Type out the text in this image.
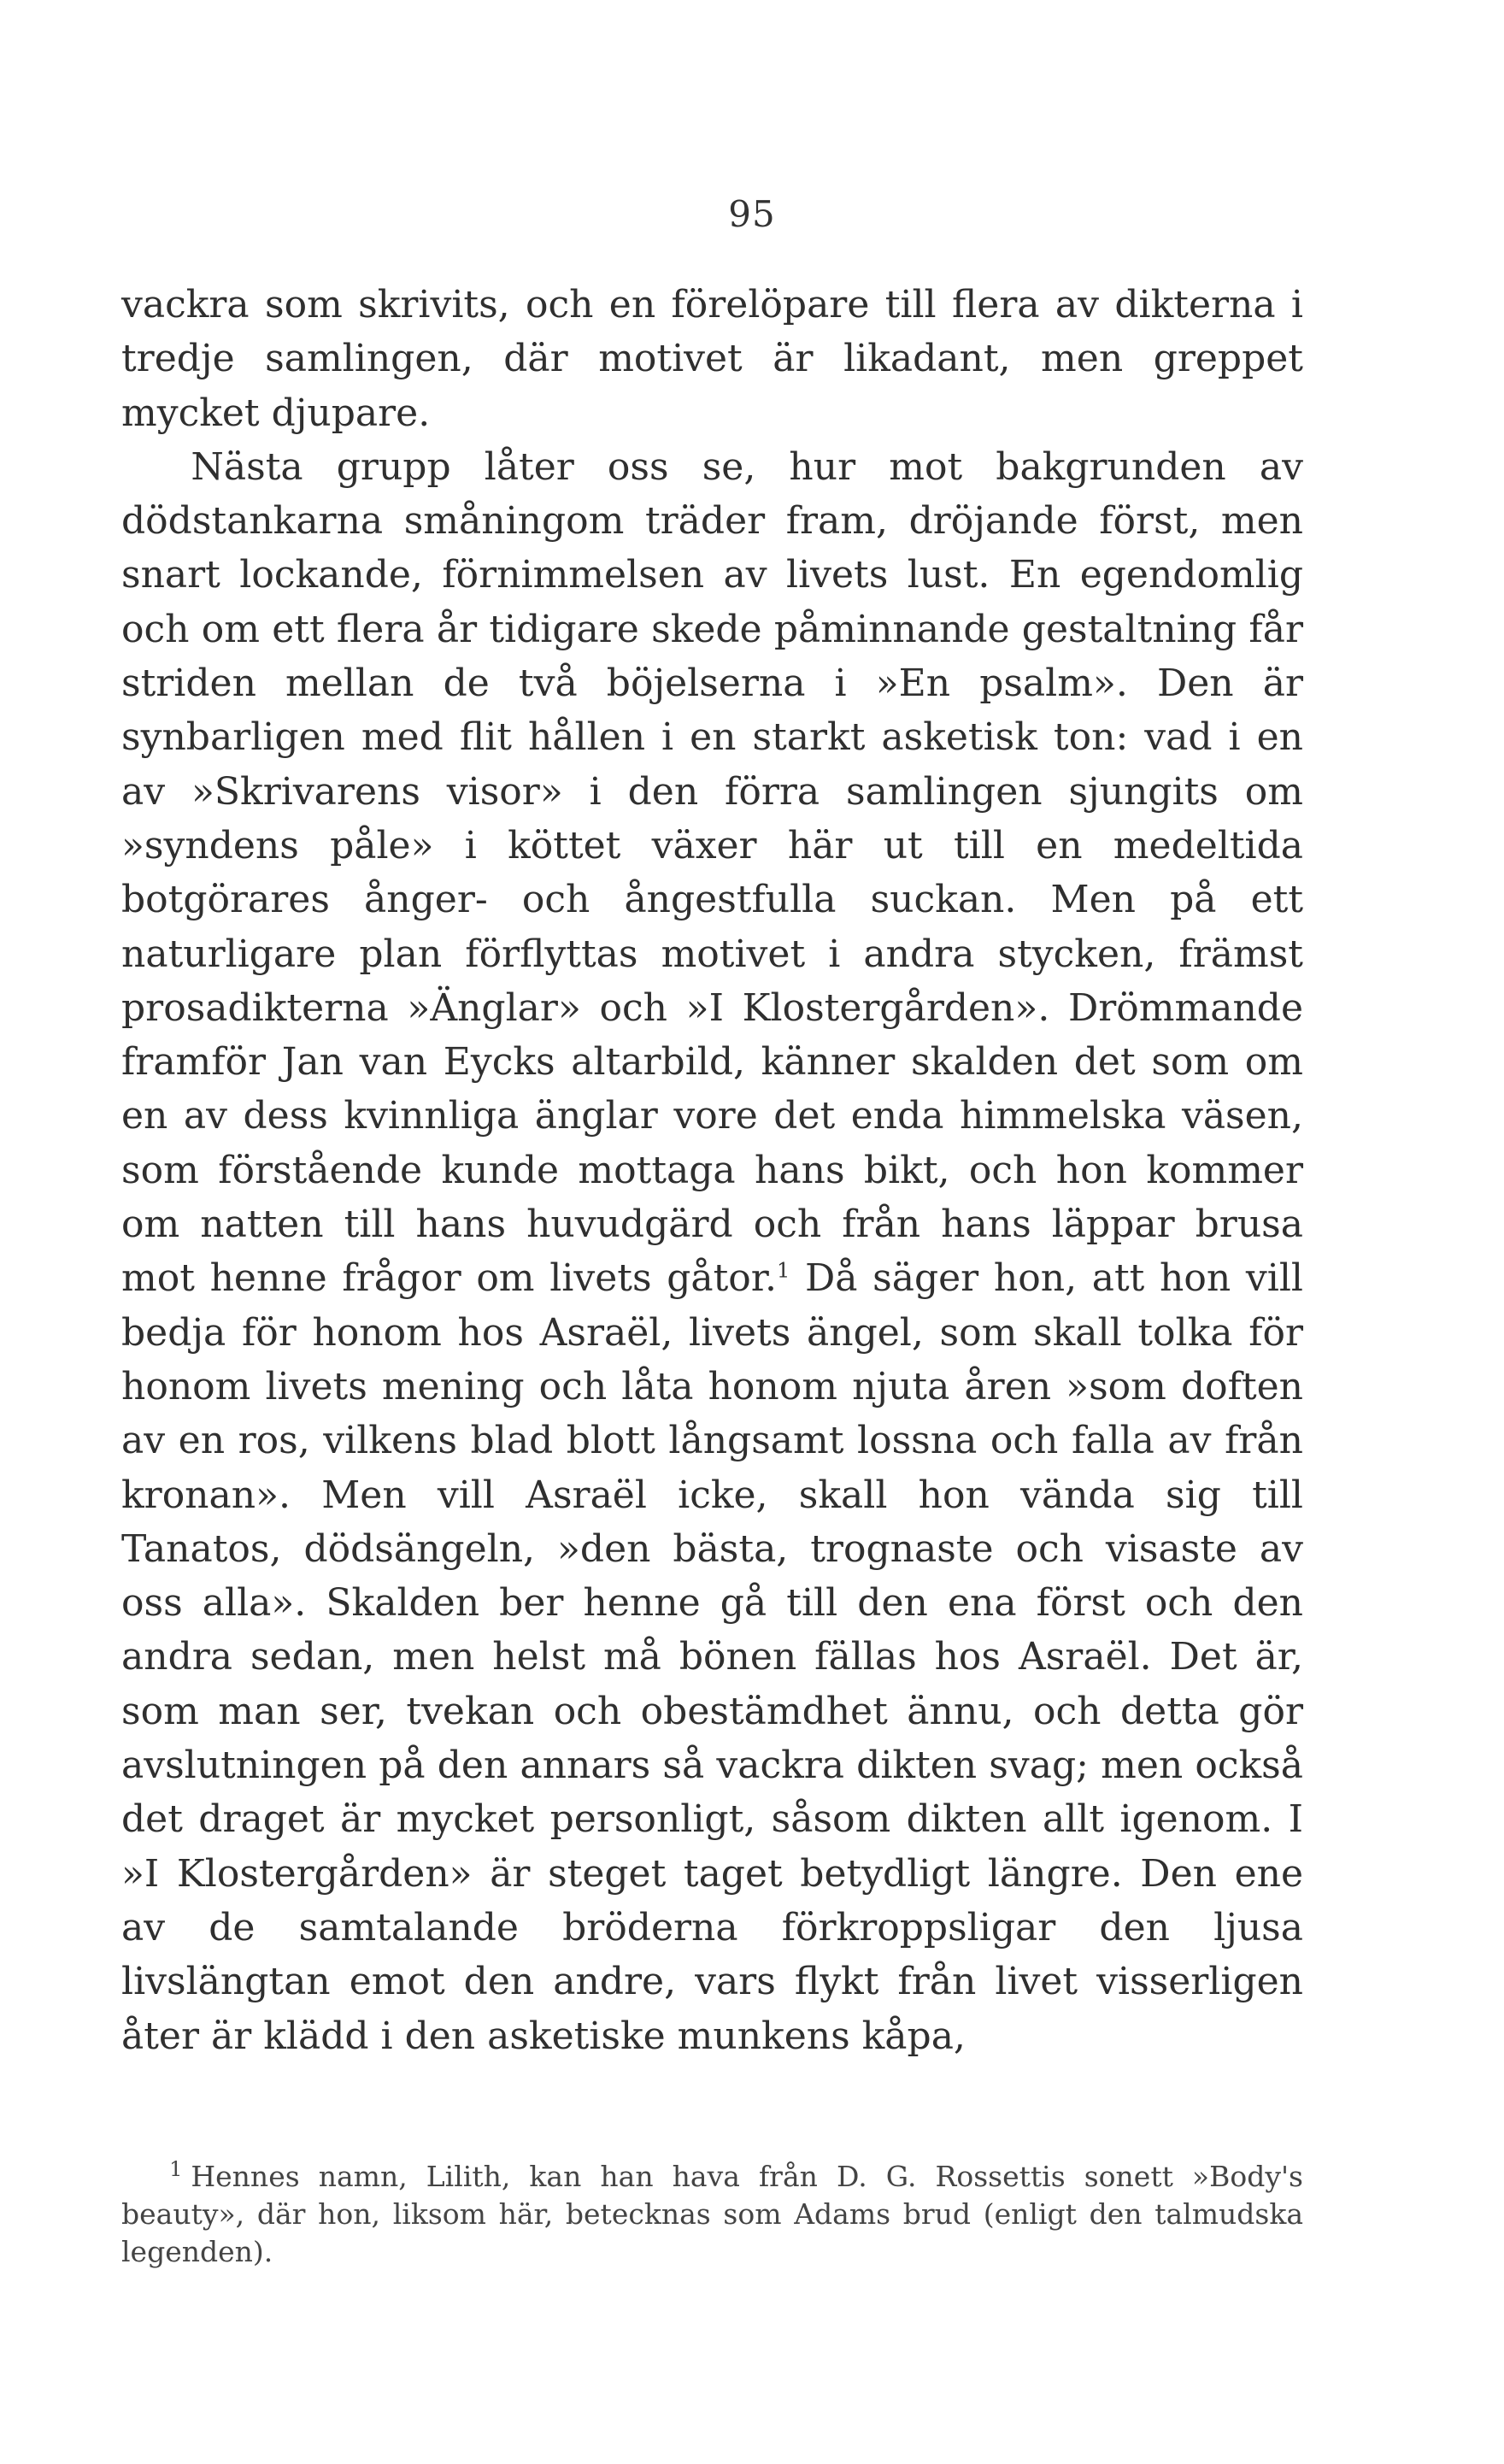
95

vackra som skrivits, och en förelöpare till flera av dikterna i tredje samlingen, där motivet är likadant, men greppet mycket djupare.

Nästa grupp låter oss se, hur mot bakgrunden av dödstankarna småningom träder fram, dröjande först, men snart lockande, förnimmelsen av livets lust. En egendomlig och om ett flera år tidigare skede påminnande gestaltning får striden mellan de två böjelserna i »En psalm». Den är synbarligen med flit hållen i en starkt asketisk ton: vad i en av »Skrivarens visor» i den förra samlingen sjungits om »syndens påle» i köttet växer här ut till en medeltida botgörares ånger- och ångestfulla suckan. Men på ett naturligare plan förflyttas motivet i andra stycken, främst prosadikterna »Änglar» och »I Klostergården». Drömmande framför Jan van Eycks altarbild, känner skalden det som om en av dess kvinnliga änglar vore det enda himmelska väsen, som förstående kunde mottaga hans bikt, och hon kommer om natten till hans huvudgärd och från hans läppar brusa mot henne frågor om livets gåtor.$^1$ Då säger hon, att hon vill bedja för honom hos Asraël, livets ängel, som skall tolka för honom livets mening och låta honom njuta åren »som doften av en ros, vilkens blad blott långsamt lossna och falla av från kronan». Men vill Asraël icke, skall hon vända sig till Tanatos, dödsängeln, »den bästa, trognaste och visaste av oss alla». Skalden ber henne gå till den ena först och den andra sedan, men helst må bönen fällas hos Asraël. Det är, som man ser, tvekan och obestämdhet ännu, och detta gör avslutningen på den annars så vackra dikten svag; men också det draget är mycket personligt, såsom dikten allt igenom. I »I Klostergården» är steget taget betydligt längre. Den ene av de samtalande bröderna förkroppsligar den ljusa livslängtan emot den andre, vars flykt från livet visserligen åter är klädd i den asketiske munkens kåpa,

$^1$ Hennes namn, Lilith, kan han hava från D. G. Rossettis sonett »Body's beauty», där hon, liksom här, betecknas som Adams brud (enligt den talmudska legenden).
